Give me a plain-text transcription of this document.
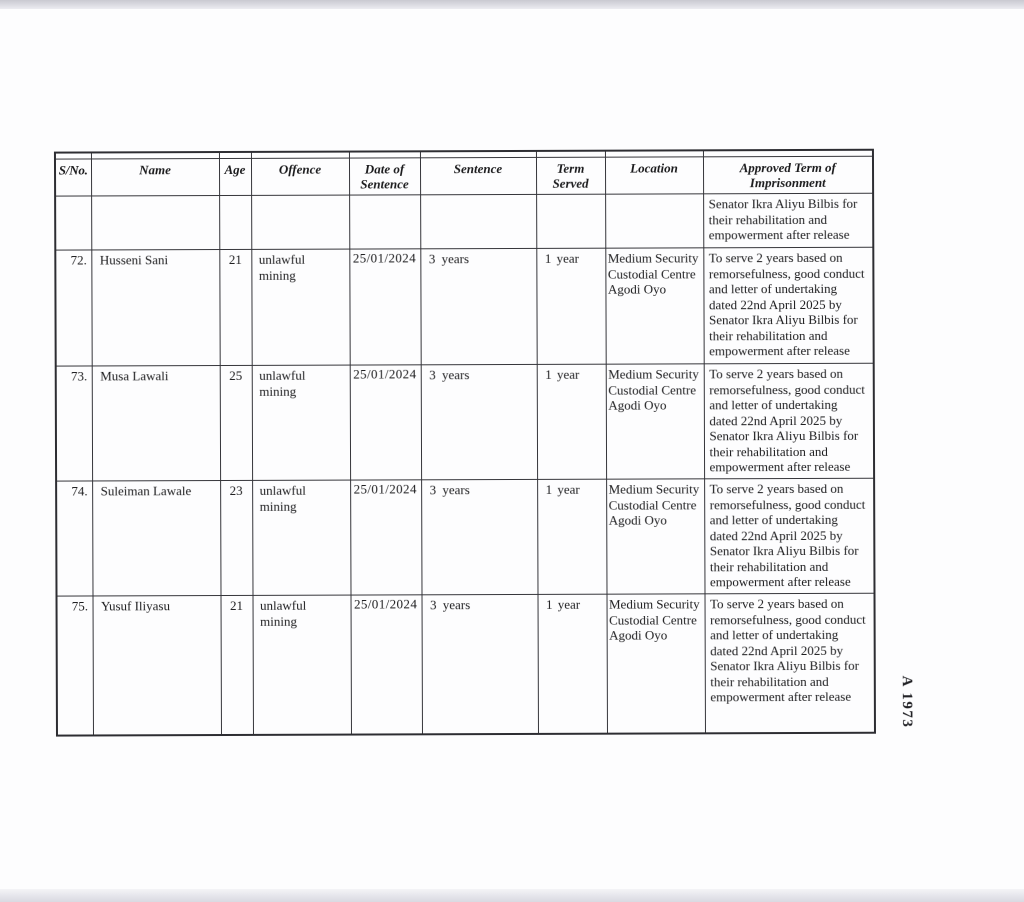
S/No.	Name	Age	Offence	Date of Sentence	Sentence	Term Served	Location	Approved Term of Imprisonment
								Senator Ikra Aliyu Bilbis for their rehabilitation and empowerment after release
72.	Husseni Sani	21	unlawful mining	25/01/2024	3 years	1 year	Medium Security Custodial Centre Agodi Oyo	To serve 2 years based on remorsefulness, good conduct and letter of undertaking dated 22nd April 2025 by Senator Ikra Aliyu Bilbis for their rehabilitation and empowerment after release
73.	Musa Lawali	25	unlawful mining	25/01/2024	3 years	1 year	Medium Security Custodial Centre Agodi Oyo	To serve 2 years based on remorsefulness, good conduct and letter of undertaking dated 22nd April 2025 by Senator Ikra Aliyu Bilbis for their rehabilitation and empowerment after release
74.	Suleiman Lawale	23	unlawful mining	25/01/2024	3 years	1 year	Medium Security Custodial Centre Agodi Oyo	To serve 2 years based on remorsefulness, good conduct and letter of undertaking dated 22nd April 2025 by Senator Ikra Aliyu Bilbis for their rehabilitation and empowerment after release
75.	Yusuf Iliyasu	21	unlawful mining	25/01/2024	3 years	1 year	Medium Security Custodial Centre Agodi Oyo	To serve 2 years based on remorsefulness, good conduct and letter of undertaking dated 22nd April 2025 by Senator Ikra Aliyu Bilbis for their rehabilitation and empowerment after release	A 1973
